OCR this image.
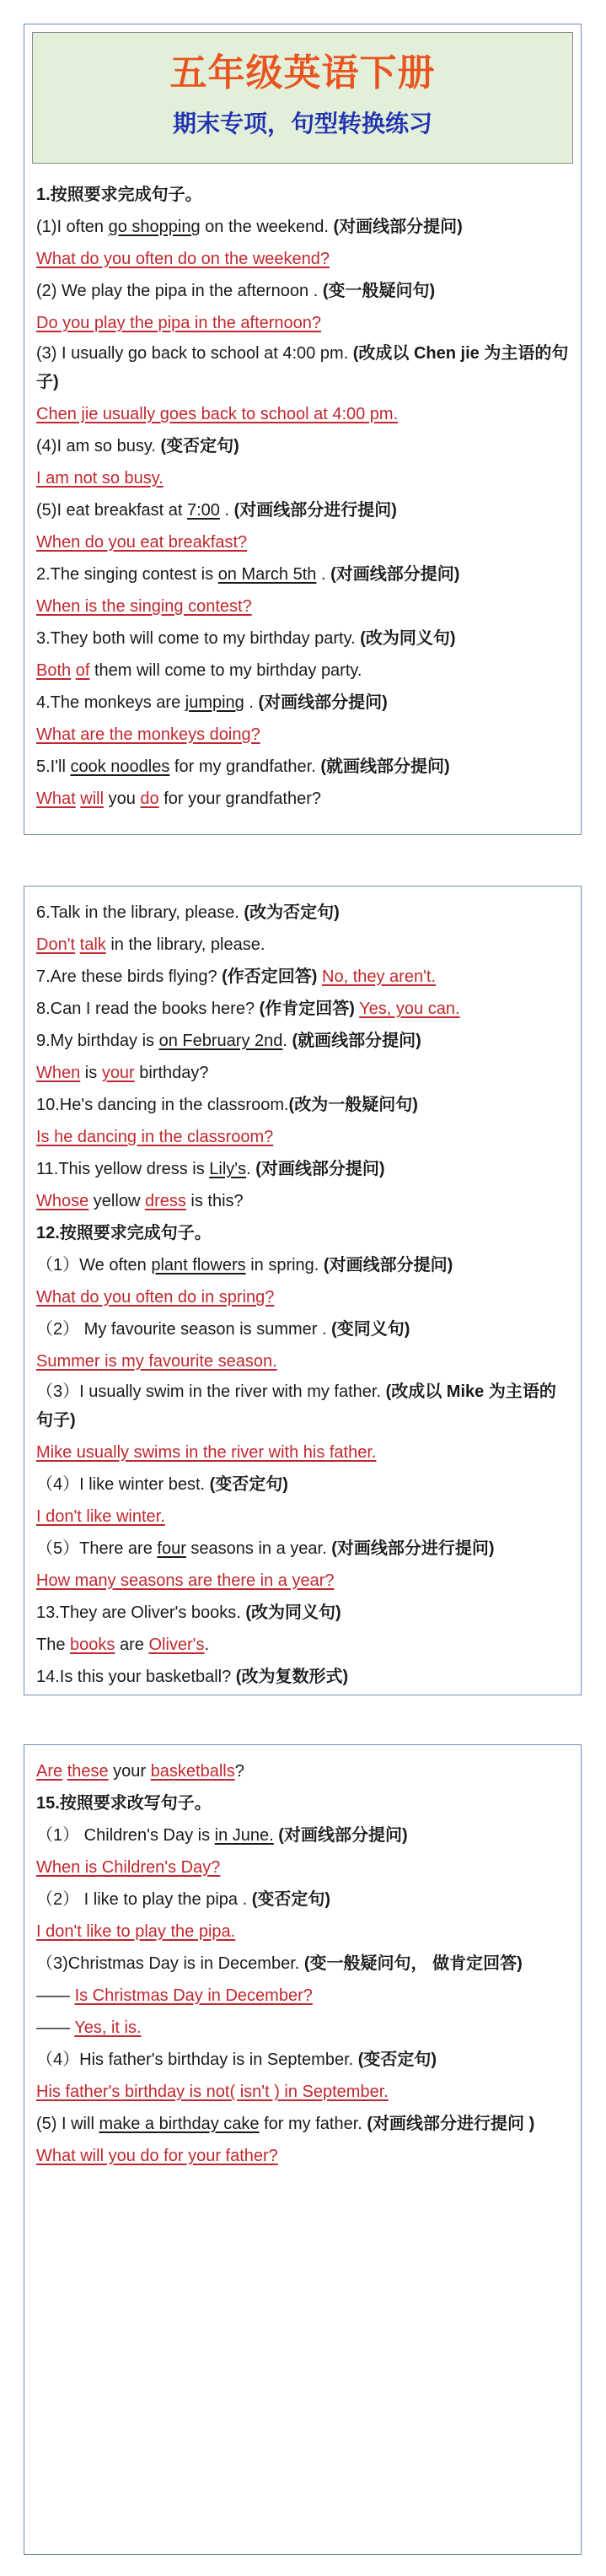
五年级英语下册
期末专项，句型转换练习
1.按照要求完成句子。
(1)I often go shopping on the weekend. (对画线部分提问)
What do you often do on the weekend?
(2) We play the pipa in the afternoon . (变一般疑问句)
Do you play the pipa in the afternoon?
(3) I usually go back to school at 4:00 pm. (改成以 Chen jie 为主语的句子)
Chen jie usually goes back to school at 4:00 pm.
(4)I am so busy. (变否定句)
I am not so busy.
(5)I eat breakfast at 7:00 . (对画线部分进行提问)
When do you eat breakfast?
2.The singing contest is on March 5th . (对画线部分提问)
When is the singing contest?
3.They both will come to my birthday party. (改为同义句)
Both of them will come to my birthday party.
4.The monkeys are jumping . (对画线部分提问)
What are the monkeys doing?
5.I'll cook noodles for my grandfather. (就画线部分提问)
What will you do for your grandfather?
6.Talk in the library, please. (改为否定句)
Don't talk in the library, please.
7.Are these birds flying? (作否定回答) No, they aren't.
8.Can I read the books here? (作肯定回答) Yes, you can.
9.My birthday is on February 2nd. (就画线部分提问)
When is your birthday?
10.He's dancing in the classroom.(改为一般疑问句)
Is he dancing in the classroom?
11.This yellow dress is Lily's. (对画线部分提问)
Whose yellow dress is this?
12.按照要求完成句子。
（1）We often plant flowers in spring. (对画线部分提问)
What do you often do in spring?
（2） My favourite season is summer . (变同义句)
Summer is my favourite season.
（3）I usually swim in the river with my father. (改成以 Mike 为主语的句子)
Mike usually swims in the river with his father.
（4）I like winter best. (变否定句)
I don't like winter.
（5）There are four seasons in a year. (对画线部分进行提问)
How many seasons are there in a year?
13.They are Oliver's books. (改为同义句)
The books are Oliver's.
14.Is this your basketball? (改为复数形式)
Are these your basketballs?
15.按照要求改写句子。
（1） Children's Day is in June. (对画线部分提问)
When is Children's Day?
（2） I like to play the pipa . (变否定句)
I don't like to play the pipa.
（3)Christmas Day is in December. (变一般疑问句， 做肯定回答)
—— Is Christmas Day in December?
—— Yes, it is.
（4）His father's birthday is in September. (变否定句)
His father's birthday is not( isn't ) in September.
(5) I will make a birthday cake for my father. (对画线部分进行提问 )
What will you do for your father?
